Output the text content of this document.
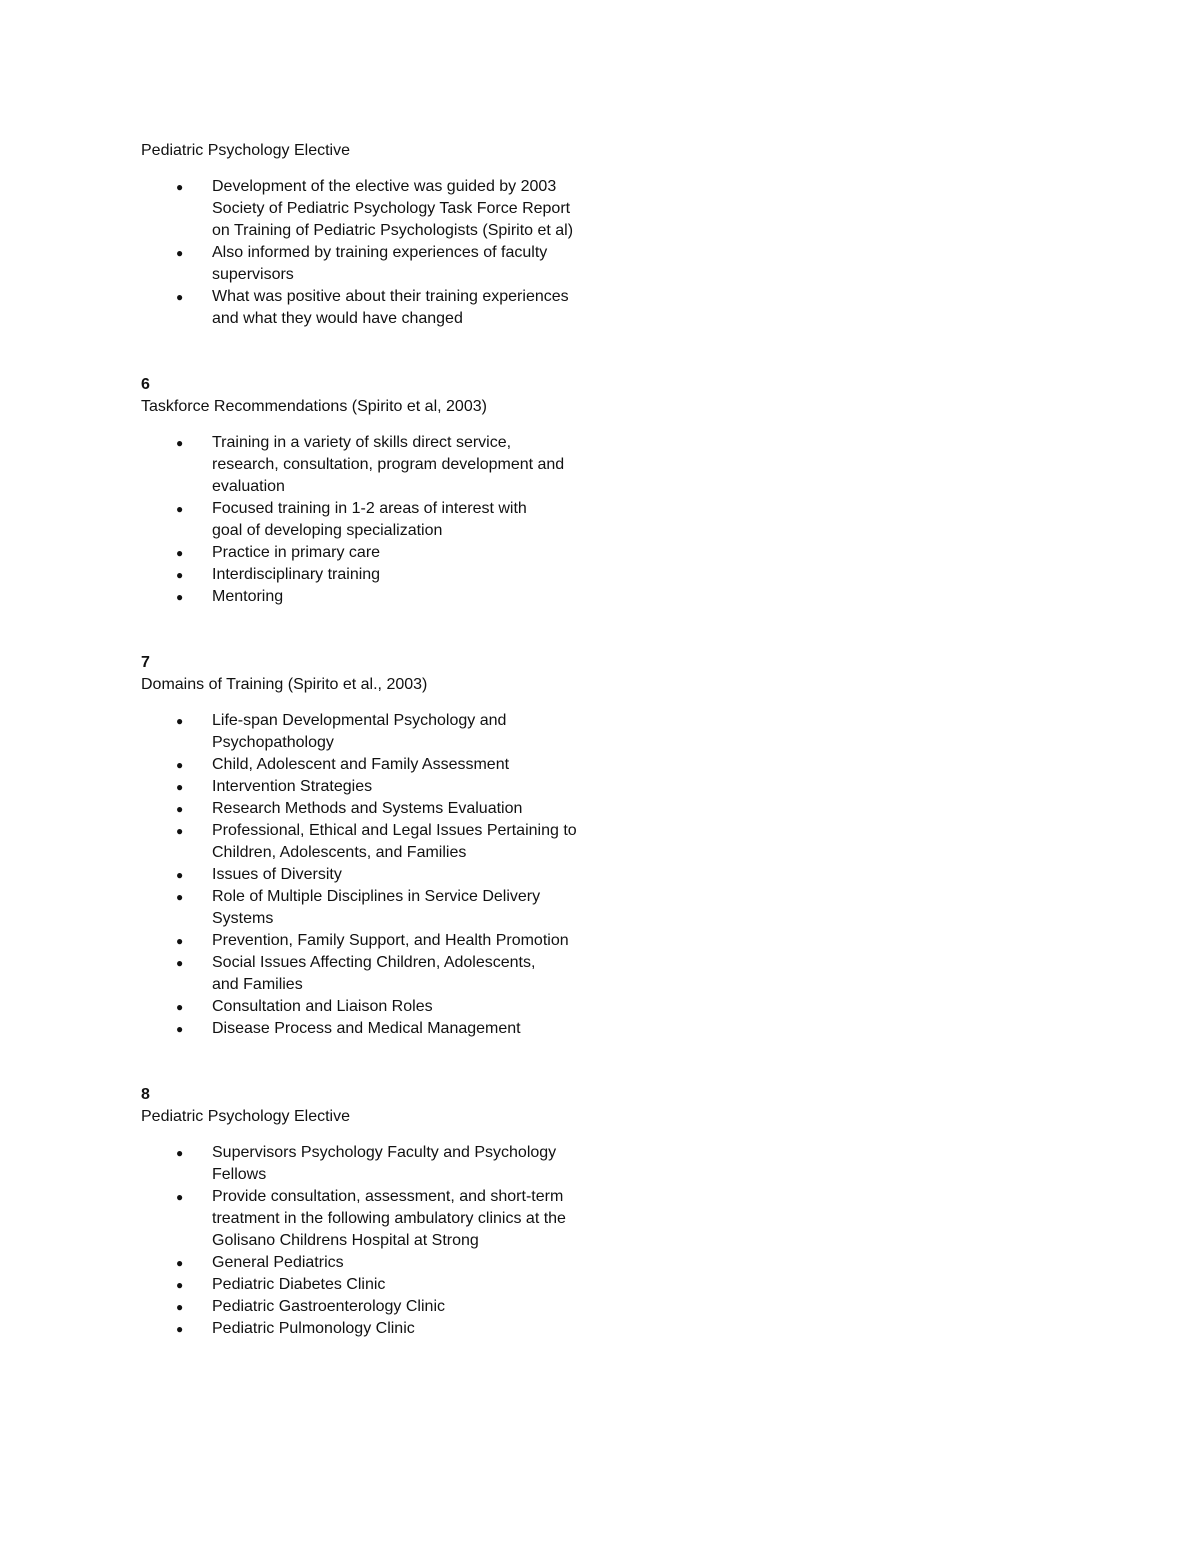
Pediatric Psychology Elective
● Development of the elective was guided by 2003 Society of Pediatric Psychology Task Force Report on Training of Pediatric Psychologists (Spirito et al)
● Also informed by training experiences of faculty supervisors
● What was positive about their training experiences and what they would have changed
6
Taskforce Recommendations (Spirito et al, 2003)
● Training in a variety of skills direct service, research, consultation, program development and evaluation
● Focused training in 1-2 areas of interest with goal of developing specialization
● Practice in primary care
● Interdisciplinary training
● Mentoring
7
Domains of Training (Spirito et al., 2003)
● Life-span Developmental Psychology and Psychopathology
● Child, Adolescent and Family Assessment
● Intervention Strategies
● Research Methods and Systems Evaluation
● Professional, Ethical and Legal Issues Pertaining to Children, Adolescents, and Families
● Issues of Diversity
● Role of Multiple Disciplines in Service Delivery Systems
● Prevention, Family Support, and Health Promotion
● Social Issues Affecting Children, Adolescents, and Families
● Consultation and Liaison Roles
● Disease Process and Medical Management
8
Pediatric Psychology Elective
● Supervisors Psychology Faculty and Psychology Fellows
● Provide consultation, assessment, and short-term treatment in the following ambulatory clinics at the Golisano Childrens Hospital at Strong
● General Pediatrics
● Pediatric Diabetes Clinic
● Pediatric Gastroenterology Clinic
● Pediatric Pulmonology Clinic
